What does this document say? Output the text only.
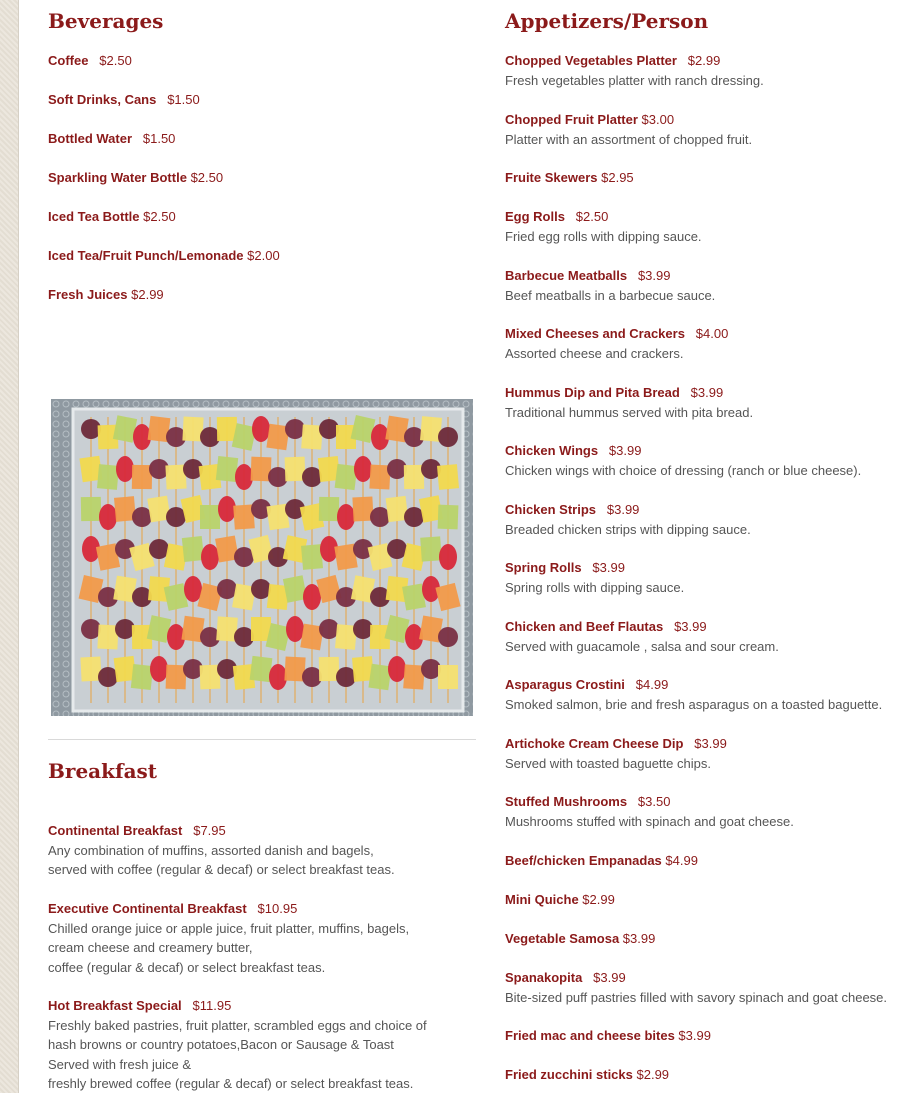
Beverages
Coffee $2.50
Soft Drinks, Cans $1.50
Bottled Water $1.50
Sparkling Water Bottle $2.50
Iced Tea Bottle $2.50
Iced Tea/Fruit Punch/Lemonade $2.00
Fresh Juices $2.99
Breakfast
Continental Breakfast $7.95
Any combination of muffins, assorted danish and bagels,
served with coffee (regular & decaf) or select breakfast teas.
Executive Continental Breakfast $10.95
Chilled orange juice or apple juice, fruit platter, muffins, bagels,
cream cheese and creamery butter,
coffee (regular & decaf) or select breakfast teas.
Hot Breakfast Special $11.95
Freshly baked pastries, fruit platter, scrambled eggs and choice of
hash browns or country potatoes,Bacon or Sausage & Toast
Served with fresh juice &
freshly brewed coffee (regular & decaf) or select breakfast teas.
Appetizers/Person
Chopped Vegetables Platter $2.99
Fresh vegetables platter with ranch dressing.
Chopped Fruit Platter $3.00
Platter with an assortment of chopped fruit.
Fruite Skewers $2.95
Egg Rolls $2.50
Fried egg rolls with dipping sauce.
Barbecue Meatballs $3.99
Beef meatballs in a barbecue sauce.
Mixed Cheeses and Crackers $4.00
Assorted cheese and crackers.
Hummus Dip and Pita Bread $3.99
Traditional hummus served with pita bread.
Chicken Wings $3.99
Chicken wings with choice of dressing (ranch or blue cheese).
Chicken Strips $3.99
Breaded chicken strips with dipping sauce.
Spring Rolls $3.99
Spring rolls with dipping sauce.
Chicken and Beef Flautas $3.99
Served with guacamole , salsa and sour cream.
Asparagus Crostini $4.99
Smoked salmon, brie and fresh asparagus on a toasted baguette.
Artichoke Cream Cheese Dip $3.99
Served with toasted baguette chips.
Stuffed Mushrooms $3.50
Mushrooms stuffed with spinach and goat cheese.
Beef/chicken Empanadas $4.99
Mini Quiche $2.99
Vegetable Samosa $3.99
Spanakopita $3.99
Bite-sized puff pastries filled with savory spinach and goat cheese.
Fried mac and cheese bites $3.99
Fried zucchini sticks $2.99
